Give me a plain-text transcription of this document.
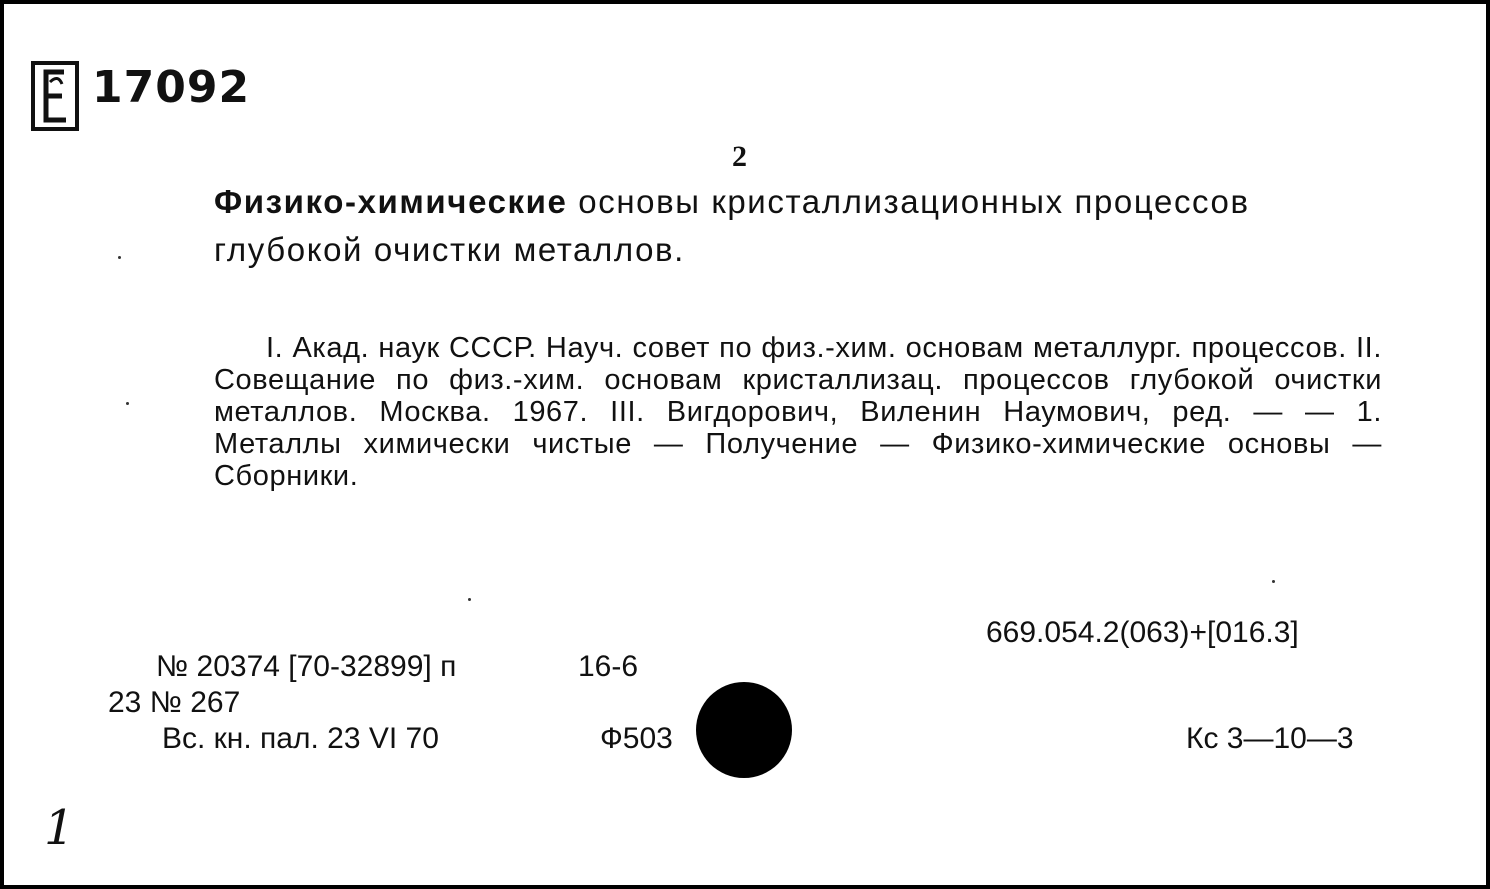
17092
2
Физико-химические основы кристаллизационных процессов глубокой очистки металлов.
I. Акад. наук СССР. Науч. совет по физ.-хим. основам металлург. процессов. II. Совещание по физ.-хим. основам кристаллизац. процессов глубокой очистки металлов. Москва. 1967. III. Вигдорович, Виленин Наумович, ред. — — 1. Металлы химически чистые — Получение — Физико-химические основы — Сборники.
669.054.2(063)+[016.3]
№ 20374 [70-32899] п	16-6
23 № 267
Вс. кн. пал. 23 VI 70	Ф503	Кс 3—10—3
1
